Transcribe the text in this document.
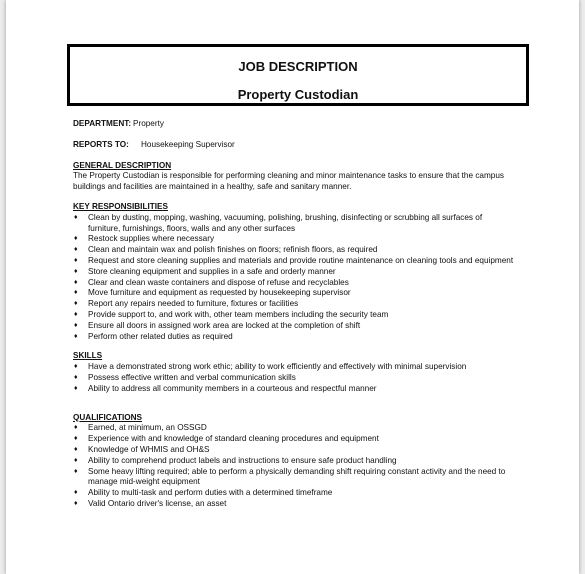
JOB DESCRIPTION
Property Custodian
DEPARTMENT: Property
REPORTS TO: Housekeeping Supervisor
GENERAL DESCRIPTION
The Property Custodian is responsible for performing cleaning and minor maintenance tasks to ensure that the campus
buildings and facilities are maintained in a healthy, safe and sanitary manner.
KEY RESPONSIBILITIES
♦ Clean by dusting, mopping, washing, vacuuming, polishing, brushing, disinfecting or scrubbing all surfaces of
furniture, furnishings, floors, walls and any other surfaces
♦ Restock supplies where necessary
♦ Clean and maintain wax and polish finishes on floors; refinish floors, as required
♦ Request and store cleaning supplies and materials and provide routine maintenance on cleaning tools and equipment
♦ Store cleaning equipment and supplies in a safe and orderly manner
♦ Clear and clean waste containers and dispose of refuse and recyclables
♦ Move furniture and equipment as requested by housekeeping supervisor
♦ Report any repairs needed to furniture, fixtures or facilities
♦ Provide support to, and work with, other team members including the security team
♦ Ensure all doors in assigned work area are locked at the completion of shift
♦ Perform other related duties as required
SKILLS
♦ Have a demonstrated strong work ethic; ability to work efficiently and effectively with minimal supervision
♦ Possess effective written and verbal communication skills
♦ Ability to address all community members in a courteous and respectful manner
QUALIFICATIONS
♦ Earned, at minimum, an OSSGD
♦ Experience with and knowledge of standard cleaning procedures and equipment
♦ Knowledge of WHMIS and OH&S
♦ Ability to comprehend product labels and instructions to ensure safe product handling
♦ Some heavy lifting required; able to perform a physically demanding shift requiring constant activity and the need to
manage mid-weight equipment
♦ Ability to multi-task and perform duties with a determined timeframe
♦ Valid Ontario driver's license, an asset
